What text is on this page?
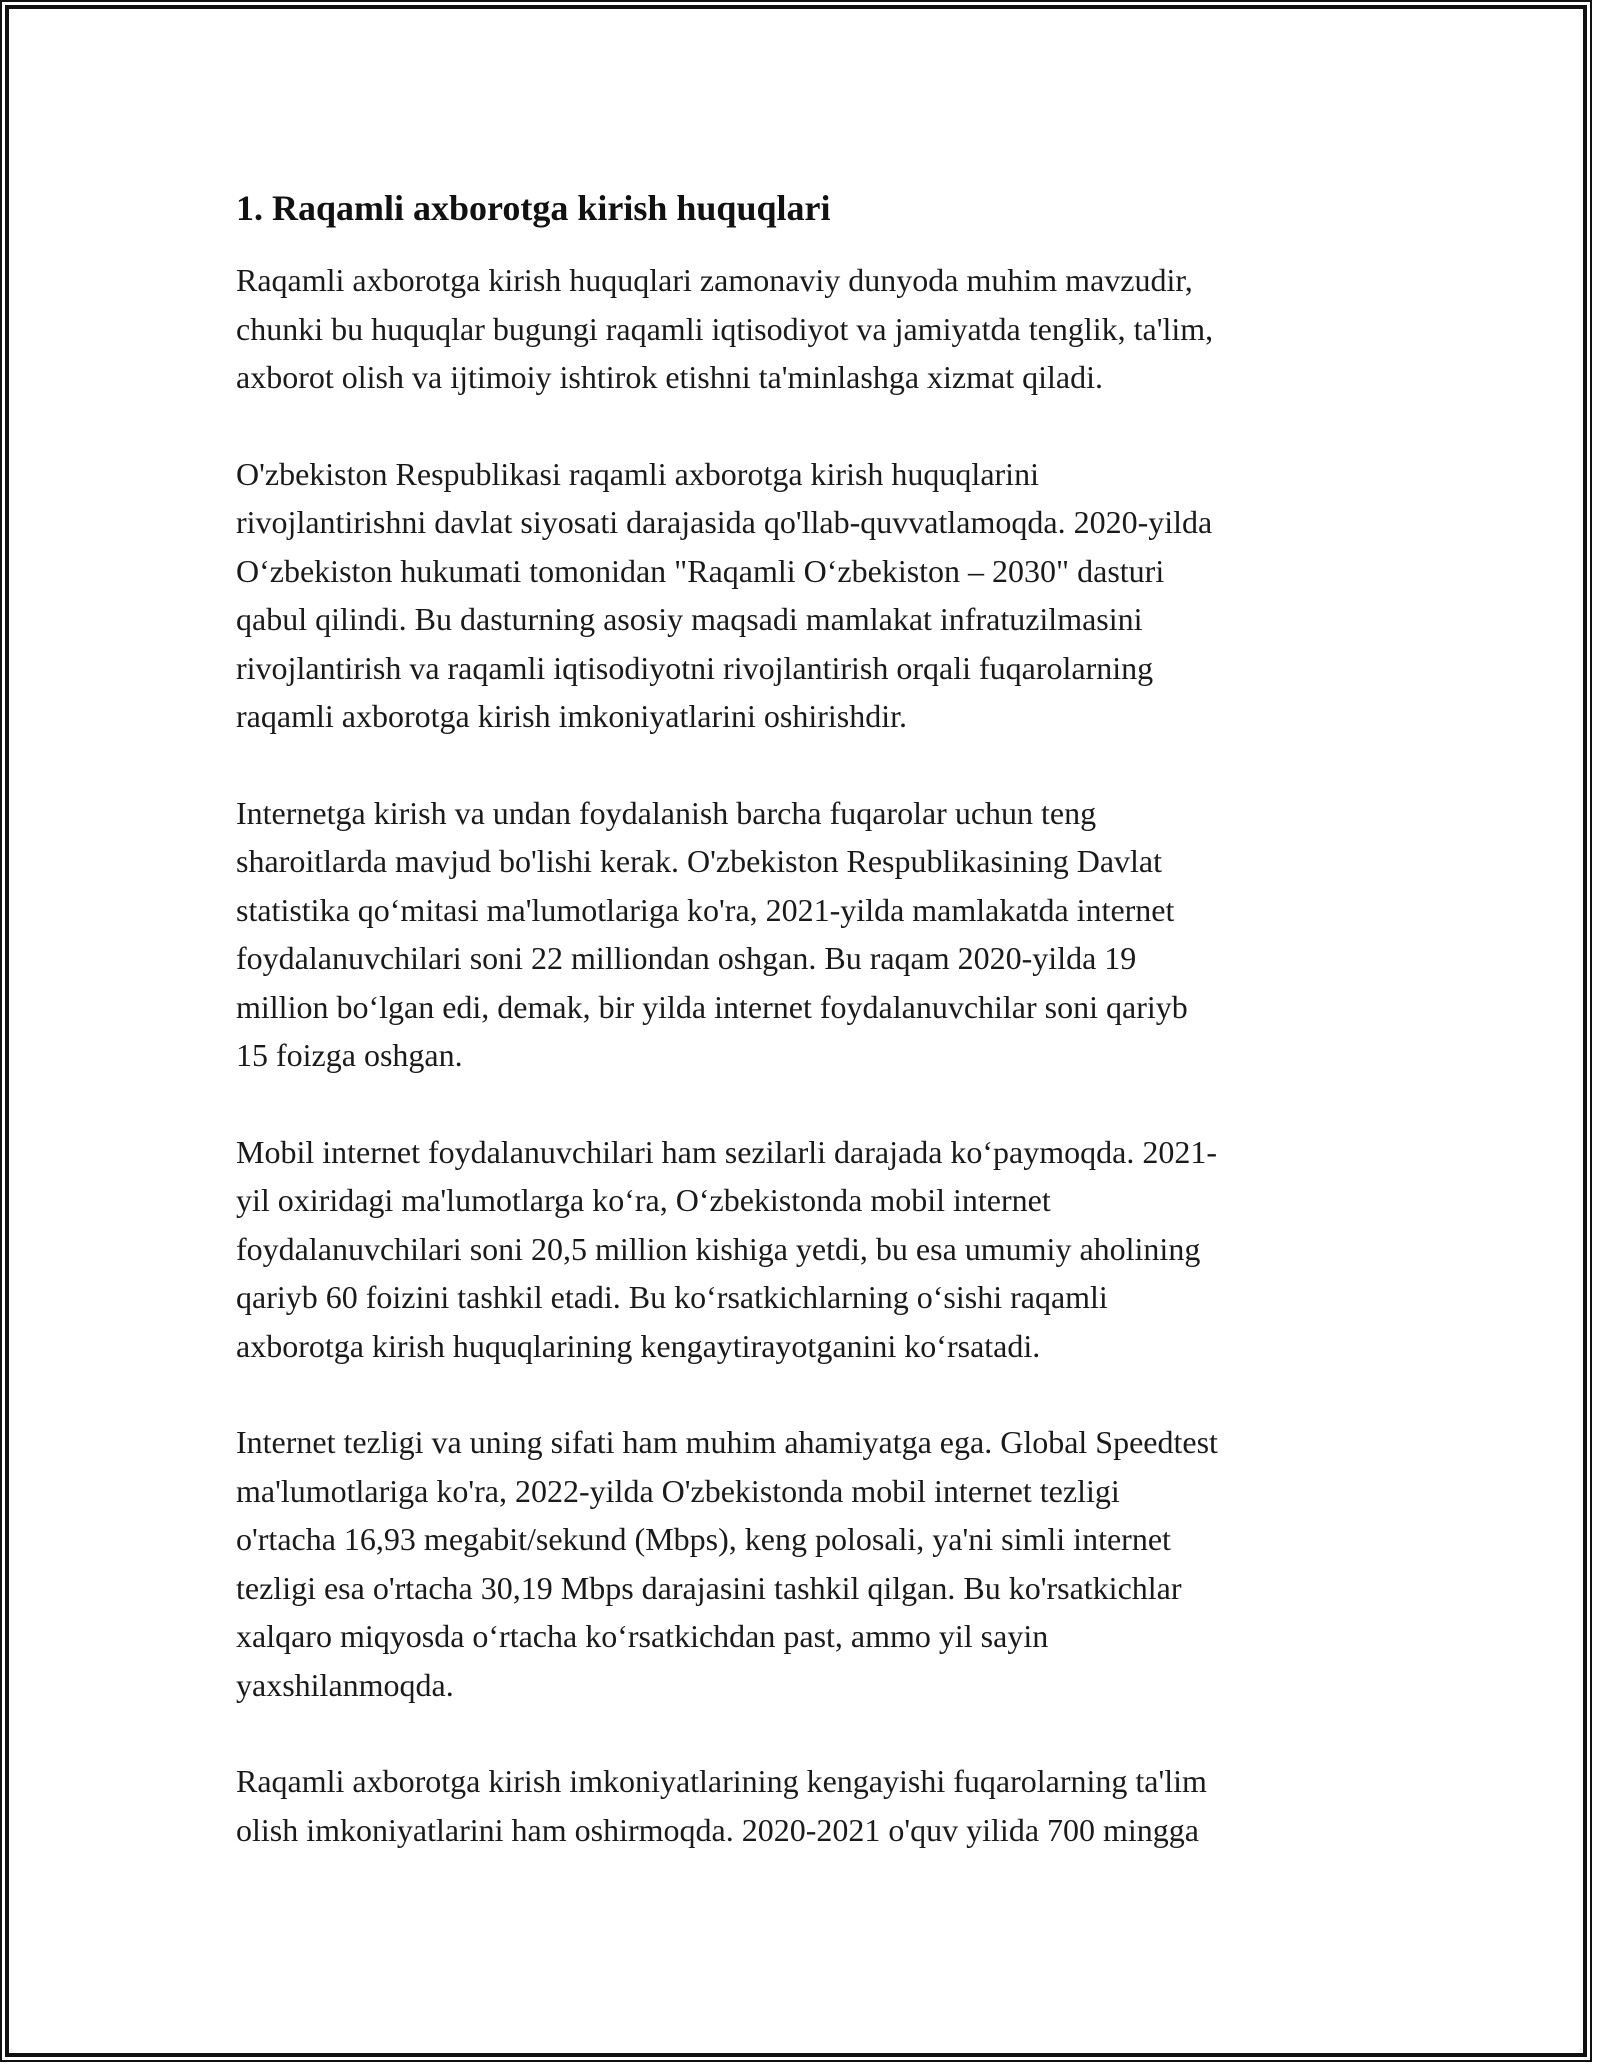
1. Raqamli axborotga kirish huquqlari
Raqamli axborotga kirish huquqlari zamonaviy dunyoda muhim mavzudir,
chunki bu huquqlar bugungi raqamli iqtisodiyot va jamiyatda tenglik, ta'lim,
axborot olish va ijtimoiy ishtirok etishni ta'minlashga xizmat qiladi.
O'zbekiston Respublikasi raqamli axborotga kirish huquqlarini
rivojlantirishni davlat siyosati darajasida qo'llab-quvvatlamoqda. 2020-yilda
O‘zbekiston hukumati tomonidan "Raqamli O‘zbekiston – 2030" dasturi
qabul qilindi. Bu dasturning asosiy maqsadi mamlakat infratuzilmasini
rivojlantirish va raqamli iqtisodiyotni rivojlantirish orqali fuqarolarning
raqamli axborotga kirish imkoniyatlarini oshirishdir.
Internetga kirish va undan foydalanish barcha fuqarolar uchun teng
sharoitlarda mavjud bo'lishi kerak. O'zbekiston Respublikasining Davlat
statistika qo‘mitasi ma'lumotlariga ko'ra, 2021-yilda mamlakatda internet
foydalanuvchilari soni 22 milliondan oshgan. Bu raqam 2020-yilda 19
million bo‘lgan edi, demak, bir yilda internet foydalanuvchilar soni qariyb
15 foizga oshgan.
Mobil internet foydalanuvchilari ham sezilarli darajada ko‘paymoqda. 2021-
yil oxiridagi ma'lumotlarga ko‘ra, O‘zbekistonda mobil internet
foydalanuvchilari soni 20,5 million kishiga yetdi, bu esa umumiy aholining
qariyb 60 foizini tashkil etadi. Bu ko‘rsatkichlarning o‘sishi raqamli
axborotga kirish huquqlarining kengaytirayotganini ko‘rsatadi.
Internet tezligi va uning sifati ham muhim ahamiyatga ega. Global Speedtest
ma'lumotlariga ko'ra, 2022-yilda O'zbekistonda mobil internet tezligi
o'rtacha 16,93 megabit/sekund (Mbps), keng polosali, ya'ni simli internet
tezligi esa o'rtacha 30,19 Mbps darajasini tashkil qilgan. Bu ko'rsatkichlar
xalqaro miqyosda o‘rtacha ko‘rsatkichdan past, ammo yil sayin
yaxshilanmoqda.
Raqamli axborotga kirish imkoniyatlarining kengayishi fuqarolarning ta'lim
olish imkoniyatlarini ham oshirmoqda. 2020-2021 o'quv yilida 700 mingga
